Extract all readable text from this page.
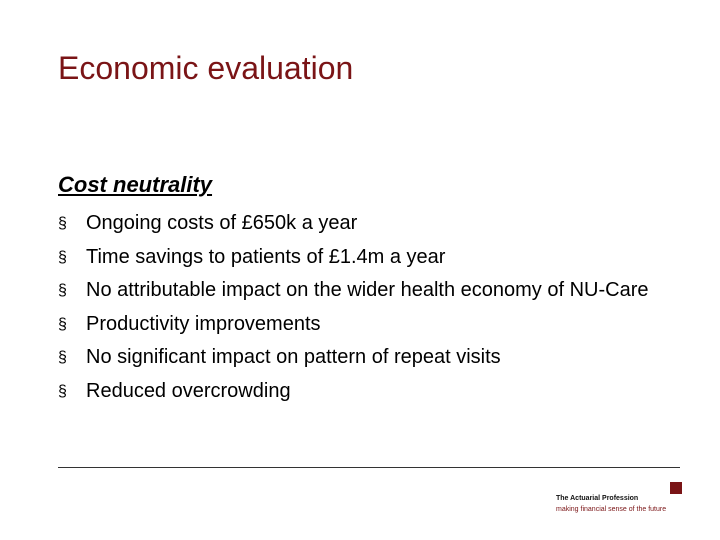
Economic evaluation
Cost neutrality
§ Ongoing costs of £650k a year
§ Time savings to patients of £1.4m a year
§ No attributable impact on the wider health economy of NU-Care
§ Productivity improvements
§ No significant impact on pattern of repeat visits
§ Reduced overcrowding
The Actuarial Profession
making financial sense of the future
